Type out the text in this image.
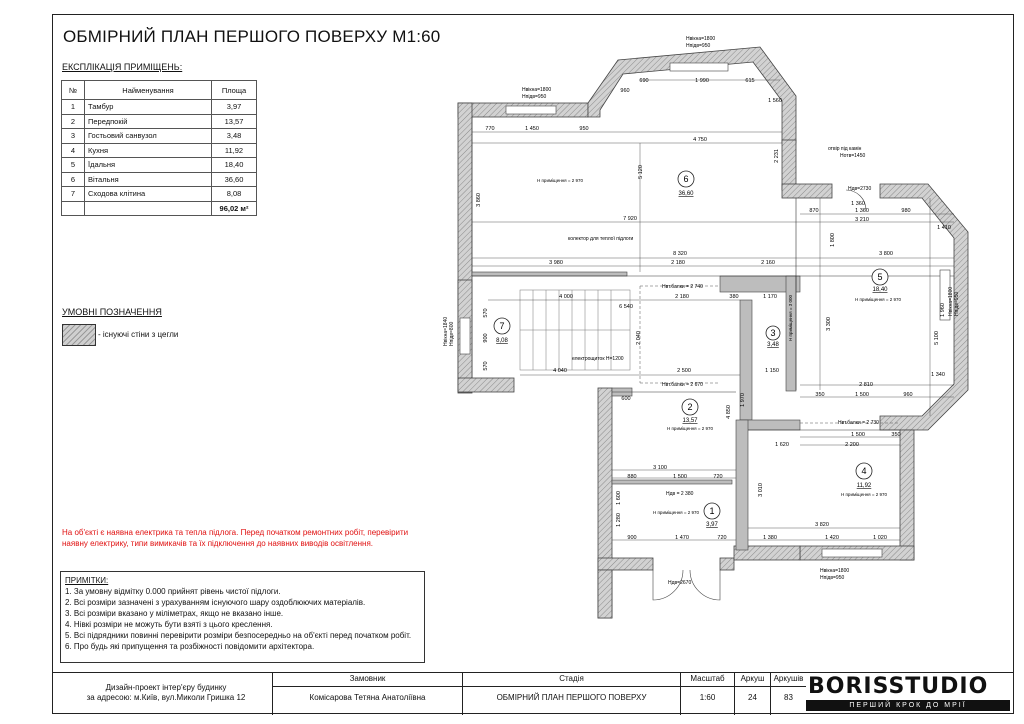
ОБМІРНИЙ ПЛАН ПЕРШОГО ПОВЕРХУ М1:60
ЕКСПЛІКАЦІЯ ПРИМІЩЕНЬ:
№	Найменування	Площа
1	Тамбур	3,97
2	Передпокій	13,57
3	Гостьовий санвузол	3,48
4	Кухня	11,92
5	Їдальня	18,40
6	Вітальня	36,60
7	Сходова клітина	8,08
		96,02 м²
УМОВНІ ПОЗНАЧЕННЯ
- існуючі стіни з цегли
На об'єкті є наявна електрика та тепла підлога. Перед початком ремонтних робіт, перевірити наявну електрику, типи вимикачів та їх підключення до наявних виводів освітлення.
ПРИМІТКИ:
1. За умовну відмітку 0.000 прийнят рівень чистої підлоги.
2. Всі розміри зазначені з урахуванням існуючого шару оздоблюючих матеріалів.
3. Всі розміри вказано у міліметрах, якщо не вказано інше.
4. Нівкі розміри не можуть бути взяті з цього креслення.
5. Всі підрядники повинні перевірити розміри безпосередньо на об'єкті перед початком робіт.
6. Про будь які припущення та розбіжності повідомити архітектора.
6
5
3
7
2
4
1
36,60
18,40
3,48
8,08
13,57
11,92
3,97
H приміщення = 2 970
H приміщення = 2 970
H приміщення = 2 970
H приміщення = 2 970
H приміщення = 2 970
H приміщення = 3 000
отвір під камін
Hотв=1450
колектор для теплої підлоги
електрощиток H=1200
Hвт.балки = 2 740
Hвт.балки = 2 670
Hвт.балки = 2 730
Hдв=2730
Hдв=2670
Hдв = 2 380
Hвікна=1800
Hпідв=950
Hвікна=1800
Hпідв=950
Hвікна=1800
Hпідв=950
Hвікна=1800 Hпідв=950
Hвікна=1840 Hпідв=800
770	1 450	950
690	1 990	615
1 560
960
4 750
870	1 360	980
3 210
7 920
5 120
2 231
3 860
1 410
8 320
3 980	2 180	2 160
3 800
1 800
4 000
6 540
2 180	380	1 170
5 100
3 300
2 040
4 040	2 500	1 150
2 810
1 500	960
350
1 500	350
1 620	2 200
3 100
1 500	720
880
3 010
3 820
900	1 470	720	1 380	1 420	1 020
4 850
1 970
600
570
570
900
1 280
1 600
1 360
1 960
1 340
Дизайн-проект інтер'єру будинку
за адресою: м.Київ, вул.Миколи Гришка 12
Замовник
Комісарова Тетяна Анатоліївна
Стадія
ОБМІРНИЙ ПЛАН ПЕРШОГО ПОВЕРХУ
Масштаб
1:60
Аркуш
24
Аркушів
83 BORISSTUDIO
ПЕРШИЙ КРОК ДО МРІЇ
